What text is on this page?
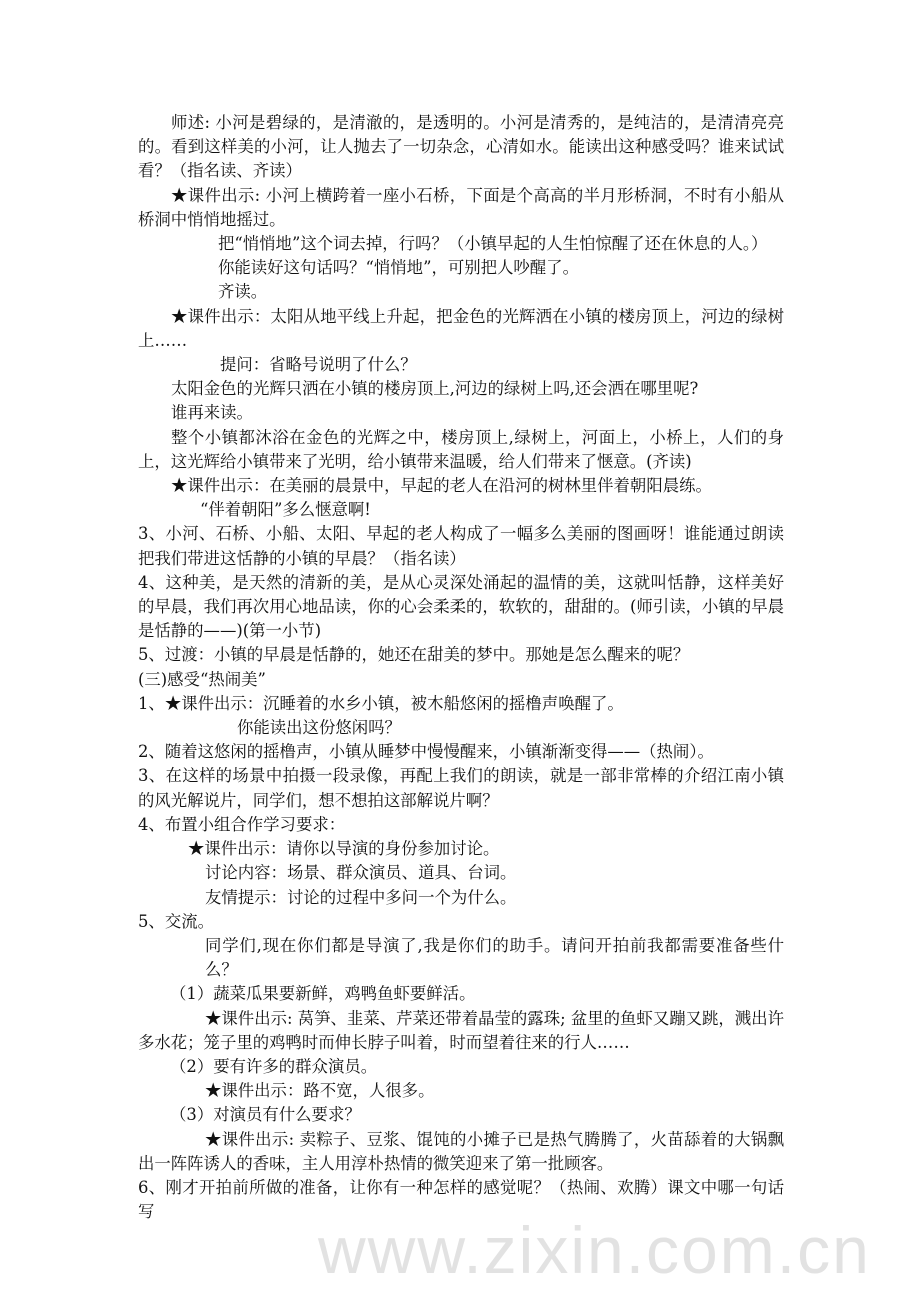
www.zixin.com.cn

师述: 小河是碧绿的，是清澈的，是透明的。小河是清秀的，是纯洁的，是清清亮亮的。看到这样美的小河，让人抛去了一切杂念，心清如水。能读出这种感受吗？谁来试试看？（指名读、齐读）

★课件出示: 小河上横跨着一座小石桥，下面是个高高的半月形桥洞，不时有小船从桥洞中悄悄地摇过。

把“悄悄地”这个词去掉，行吗？（小镇早起的人生怕惊醒了还在休息的人。）

你能读好这句话吗？“悄悄地”，可别把人吵醒了。

齐读。

★课件出示：太阳从地平线上升起，把金色的光辉洒在小镇的楼房顶上，河边的绿树上……

提问：省略号说明了什么？

太阳金色的光辉只洒在小镇的楼房顶上,河边的绿树上吗,还会洒在哪里呢?

谁再来读。

整个小镇都沐浴在金色的光辉之中，楼房顶上,绿树上，河面上，小桥上，人们的身上，这光辉给小镇带来了光明，给小镇带来温暖，给人们带来了惬意。(齐读)

★课件出示：在美丽的晨景中，早起的老人在沿河的树林里伴着朝阳晨练。

“伴着朝阳”多么惬意啊!

3、小河、石桥、小船、太阳、早起的老人构成了一幅多么美丽的图画呀！谁能通过朗读把我们带进这恬静的小镇的早晨？（指名读）

4、这种美，是天然的清新的美，是从心灵深处涌起的温情的美，这就叫恬静，这样美好的早晨，我们再次用心地品读，你的心会柔柔的，软软的，甜甜的。(师引读，小镇的早晨是恬静的——)(第一小节)

5、过渡：小镇的早晨是恬静的，她还在甜美的梦中。那她是怎么醒来的呢？

(三)感受“热闹美”

1、★课件出示：沉睡着的水乡小镇，被木船悠闲的摇橹声唤醒了。

你能读出这份悠闲吗？

2、随着这悠闲的摇橹声，小镇从睡梦中慢慢醒来，小镇渐渐变得——（热闹）。

3、在这样的场景中拍摄一段录像，再配上我们的朗读，就是一部非常棒的介绍江南小镇的风光解说片，同学们，想不想拍这部解说片啊？

4、布置小组合作学习要求：

★课件出示：请你以导演的身份参加讨论。

讨论内容：场景、群众演员、道具、台词。

友情提示：讨论的过程中多问一个为什么。

5、交流。

同学们,现在你们都是导演了,我是你们的助手。请问开拍前我都需要准备些什么？

（1）蔬菜瓜果要新鲜，鸡鸭鱼虾要鲜活。

★课件出示: 莴笋、韭菜、芹菜还带着晶莹的露珠; 盆里的鱼虾又蹦又跳，溅出许多水花；笼子里的鸡鸭时而伸长脖子叫着，时而望着往来的行人……

（2）要有许多的群众演员。

★课件出示：路不宽，人很多。

（3）对演员有什么要求？

★课件出示: 卖粽子、豆浆、馄饨的小摊子已是热气腾腾了，火苗舔着的大锅飘出一阵阵诱人的香味，主人用淳朴热情的微笑迎来了第一批顾客。

6、刚才开拍前所做的准备，让你有一种怎样的感觉呢？（热闹、欢腾）课文中哪一句话写
